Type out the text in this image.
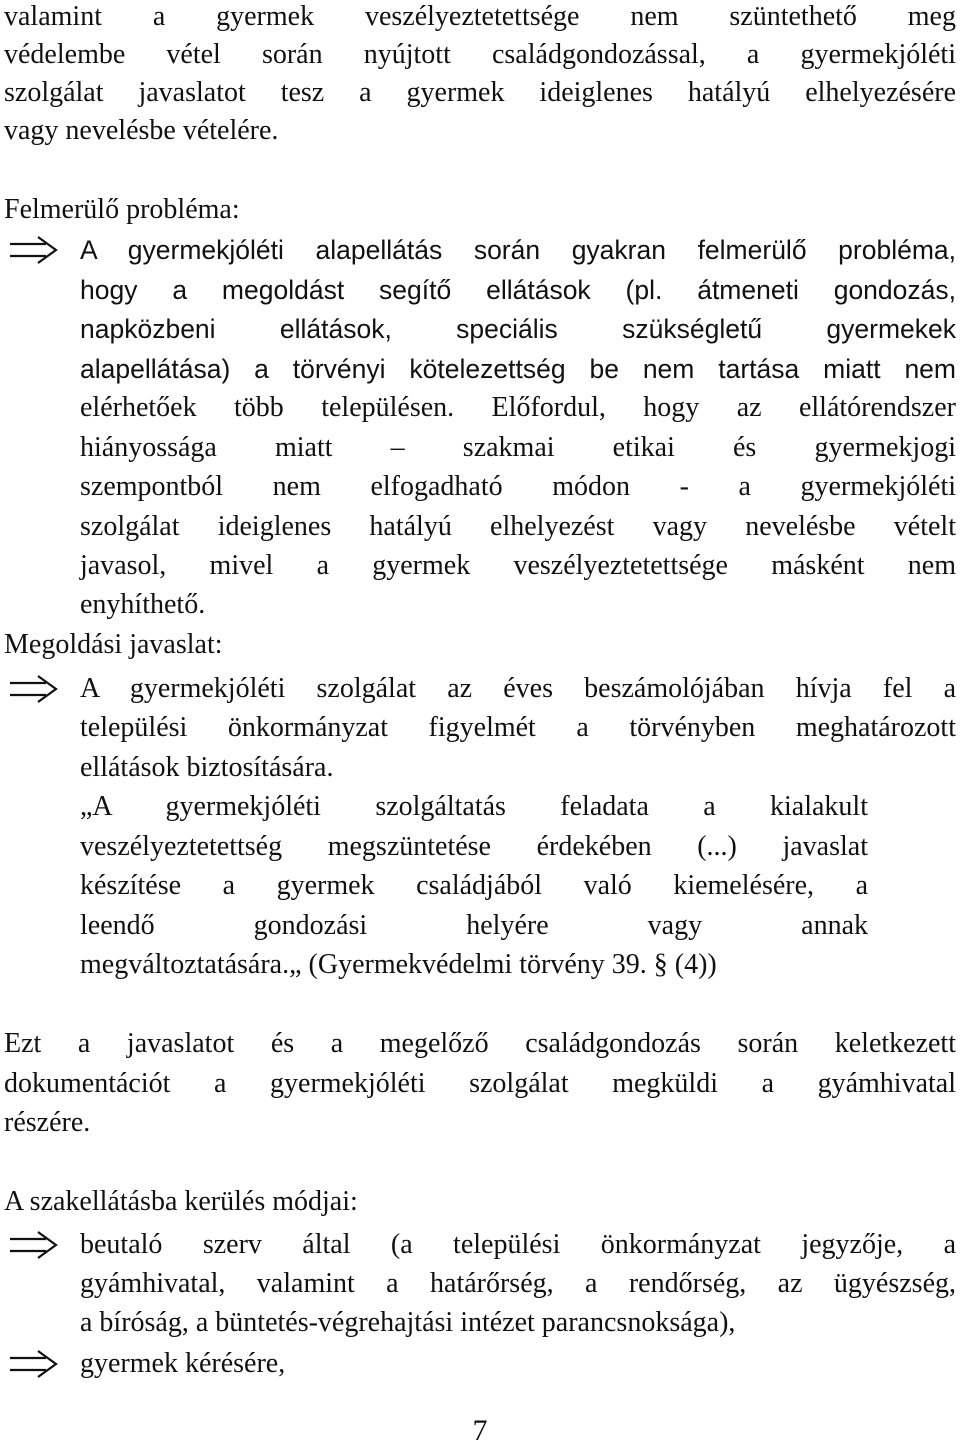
valamint a gyermek veszélyeztetettsége nem szüntethető meg
védelembe vétel során nyújtott családgondozással, a gyermekjóléti
szolgálat javaslatot tesz a gyermek ideiglenes hatályú elhelyezésére
vagy nevelésbe vételére.
Felmerülő probléma:
A gyermekjóléti alapellátás során gyakran felmerülő probléma,
hogy a megoldást segítő ellátások (pl. átmeneti gondozás,
napközbeni ellátások, speciális szükségletű gyermekek
alapellátása) a törvényi kötelezettség be nem tartása miatt nem
elérhetőek több településen. Előfordul, hogy az ellátórendszer
hiányossága miatt – szakmai etikai és gyermekjogi
szempontból nem elfogadható módon - a gyermekjóléti
szolgálat ideiglenes hatályú elhelyezést vagy nevelésbe vételt
javasol, mivel a gyermek veszélyeztetettsége másként nem
enyhíthető.
Megoldási javaslat:
A gyermekjóléti szolgálat az éves beszámolójában hívja fel a
települési önkormányzat figyelmét a törvényben meghatározott
ellátások biztosítására.
„A gyermekjóléti szolgáltatás feladata a kialakult
veszélyeztetettség megszüntetése érdekében (...) javaslat
készítése a gyermek családjából való kiemelésére, a
leendő gondozási helyére vagy annak
megváltoztatására.„ (Gyermekvédelmi törvény 39. § (4))
Ezt a javaslatot és a megelőző családgondozás során keletkezett
dokumentációt a gyermekjóléti szolgálat megküldi a gyámhivatal
részére.
A szakellátásba kerülés módjai:
beutaló szerv által (a települési önkormányzat jegyzője, a
gyámhivatal, valamint a határőrség, a rendőrség, az ügyészség,
a bíróság, a büntetés-végrehajtási intézet parancsnoksága),
gyermek kérésére,
7
